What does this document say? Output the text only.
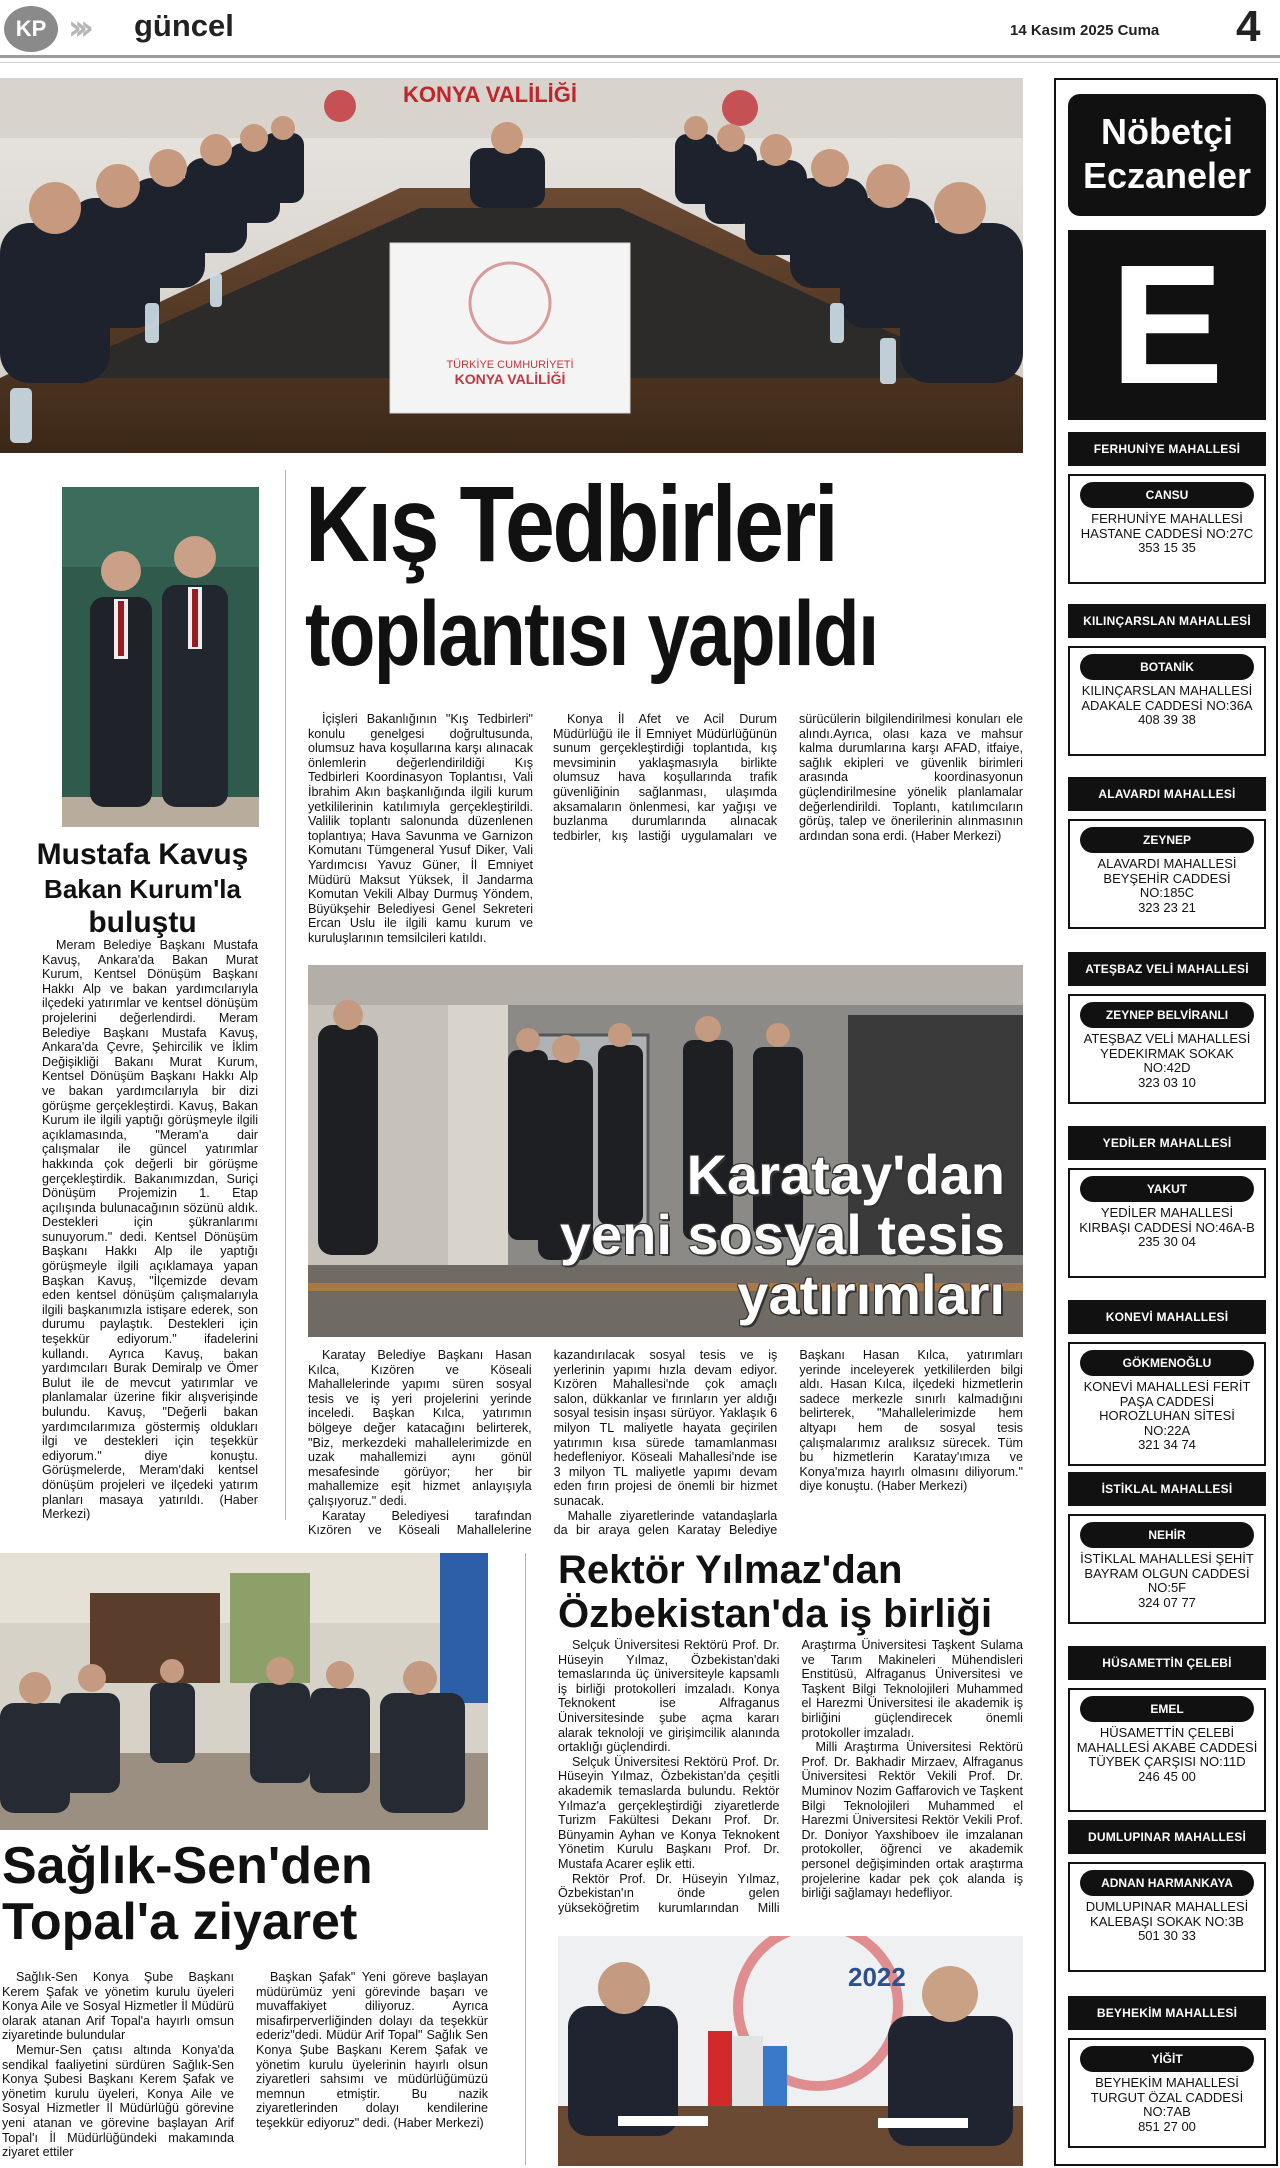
KP ››› güncel	14 Kasım 2025 Cuma 4
KONYA VALİLİĞİ
TÜRKİYE CUMHURİYETİ
KONYA VALİLİĞİ
Mustafa Kavuş
Bakan Kurum'la
buluştu

Meram Belediye Başkanı Mustafa Kavuş, Ankara'da Bakan Murat Kurum, Kentsel Dönüşüm Başkanı Hakkı Alp ve bakan yardımcılarıyla ilçedeki yatırımlar ve kentsel dönüşüm projelerini değerlendirdi. Meram Belediye Başkanı Mustafa Kavuş, Ankara'da Çevre, Şehircilik ve İklim Değişikliği Bakanı Murat Kurum, Kentsel Dönüşüm Başkanı Hakkı Alp ve bakan yardımcılarıyla bir dizi görüşme gerçekleştirdi. Kavuş, Bakan Kurum ile ilgili yaptığı görüşmeyle ilgili açıklamasında, "Meram'a dair çalışmalar ile güncel yatırımlar hakkında çok değerli bir görüşme gerçekleştirdik. Bakanımızdan, Suriçi Dönüşüm Projemizin 1. Etap açılışında bulunacağının sözünü aldık. Destekleri için şükranlarımı sunuyorum." dedi. Kentsel Dönüşüm Başkanı Hakkı Alp ile yaptığı görüşmeyle ilgili açıklamaya yapan Başkan Kavuş, "İlçemizde devam eden kentsel dönüşüm çalışmalarıyla ilgili başkanımızla istişare ederek, son durumu paylaştık. Destekleri için teşekkür ediyorum." ifadelerini kullandı. Ayrıca Kavuş, bakan yardımcıları Burak Demiralp ve Ömer Bulut ile de mevcut yatırımlar ve planlamalar üzerine fikir alışverişinde bulundu. Kavuş, "Değerli bakan yardımcılarımıza göstermiş oldukları ilgi ve destekleri için teşekkür ediyorum." diye konuştu. Görüşmelerde, Meram'daki kentsel dönüşüm projeleri ve ilçedeki yatırım planları masaya yatırıldı. (Haber Merkezi)

Kış Tedbirleri
toplantısı yapıldı

İçişleri Bakanlığının "Kış Tedbirleri" konulu genelgesi doğrultusunda, olumsuz hava koşullarına karşı alınacak önlemlerin değerlendirildiği Kış Tedbirleri Koordinasyon Toplantısı, Vali İbrahim Akın başkanlığında ilgili kurum yetkililerinin katılımıyla gerçekleştirildi. Valilik toplantı salonunda düzenlenen toplantıya; Hava Savunma ve Garnizon Komutanı Tümgeneral Yusuf Diker, Vali Yardımcısı Yavuz Güner, İl Emniyet Müdürü Maksut Yüksek, İl Jandarma Komutan Vekili Albay Durmuş Yöndem, Büyükşehir Belediyesi Genel Sekreteri Ercan Uslu ile ilgili kamu kurum ve kuruluşlarının temsilcileri katıldı.

Konya İl Afet ve Acil Durum Müdürlüğü ile İl Emniyet Müdürlüğünün sunum gerçekleştirdiği toplantıda, kış mevsiminin yaklaşmasıyla birlikte olumsuz hava koşullarında trafik güvenliğinin sağlanması, ulaşımda aksamaların önlenmesi, kar yağışı ve buzlanma durumlarında alınacak tedbirler, kış lastiği uygulamaları ve sürücülerin bilgilendirilmesi konuları ele alındı.Ayrıca, olası kaza ve mahsur kalma durumlarına karşı AFAD, itfaiye, sağlık ekipleri ve güvenlik birimleri arasında koordinasyonun güçlendirilmesine yönelik planlamalar değerlendirildi. Toplantı, katılımcıların görüş, talep ve önerilerinin alınmasının ardından sona erdi. (Haber Merkezi)

Karatay'dan
yeni sosyal tesis
yatırımları

Karatay Belediye Başkanı Hasan Kılca, Kızören ve Köseali Mahallelerinde yapımı süren sosyal tesis ve iş yeri projelerini yerinde inceledi. Başkan Kılca, yatırımın bölgeye değer katacağını belirterek, "Biz, merkezdeki mahallelerimizde en uzak mahallemizi aynı gönül mesafesinde görüyor; her bir mahallemize eşit hizmet anlayışıyla çalışıyoruz." dedi.

Karatay Belediyesi tarafından Kızören ve Köseali Mahallelerine kazandırılacak sosyal tesis ve iş yerlerinin yapımı hızla devam ediyor. Kızören Mahallesi'nde çok amaçlı salon, dükkanlar ve fırınların yer aldığı sosyal tesisin inşası sürüyor. Yaklaşık 6 milyon TL maliyetle hayata geçirilen yatırımın kısa sürede tamamlanması hedefleniyor. Köseali Mahallesi'nde ise 3 milyon TL maliyetle yapımı devam eden fırın projesi de önemli bir hizmet sunacak.

Mahalle ziyaretlerinde vatandaşlarla da bir araya gelen Karatay Belediye Başkanı Hasan Kılca, yatırımları yerinde inceleyerek yetkililerden bilgi aldı. Hasan Kılca, ilçedeki hizmetlerin sadece merkezle sınırlı kalmadığını belirterek, "Mahallelerimizde hem altyapı hem de sosyal tesis çalışmalarımız aralıksız sürecek. Tüm bu hizmetlerin Karatay'ımıza ve Konya'mıza hayırlı olmasını diliyorum." diye konuştu. (Haber Merkezi)

Sağlık-Sen'den
Topal'a ziyaret

Sağlık-Sen Konya Şube Başkanı Kerem Şafak ve yönetim kurulu üyeleri Konya Aile ve Sosyal Hizmetler İl Müdürü olarak atanan Arif Topal'a hayırlı omsun ziyaretinde bulundular

Memur-Sen çatısı altında Konya'da sendikal faaliyetini sürdüren Sağlık-Sen Konya Şubesi Başkanı Kerem Şafak ve yönetim kurulu üyeleri, Konya Aile ve Sosyal Hizmetler İl Müdürlüğü görevine yeni atanan ve görevine başlayan Arif Topal'ı İl Müdürlüğündeki makamında ziyaret ettiler

Başkan Şafak" Yeni göreve başlayan müdürümüz yeni görevinde başarı ve muvaffakiyet diliyoruz. Ayrıca misafirperverliğinden dolayı da teşekkür ederiz"dedi. Müdür Arif Topal" Sağlık Sen Konya Şube Başkanı Kerem Şafak ve yönetim kurulu üyelerinin hayırlı olsun ziyaretleri sahsımı ve müdürlüğümüzü memnun etmiştir. Bu nazik ziyaretlerinden dolayı kendilerine teşekkür ediyoruz" dedi. (Haber Merkezi)

Rektör Yılmaz'dan
Özbekistan'da iş birliği

Selçuk Üniversitesi Rektörü Prof. Dr. Hüseyin Yılmaz, Özbekistan'daki temaslarında üç üniversiteyle kapsamlı iş birliği protokolleri imzaladı. Konya Teknokent ise Alfraganus Üniversitesinde şube açma kararı alarak teknoloji ve girişimcilik alanında ortaklığı güçlendirdi.

Selçuk Üniversitesi Rektörü Prof. Dr. Hüseyin Yılmaz, Özbekistan'da çeşitli akademik temaslarda bulundu. Rektör Yılmaz'a gerçekleştirdiği ziyaretlerde Turizm Fakültesi Dekanı Prof. Dr. Bünyamin Ayhan ve Konya Teknokent Yönetim Kurulu Başkanı Prof. Dr. Mustafa Acarer eşlik etti.

Rektör Prof. Dr. Hüseyin Yılmaz, Özbekistan'ın önde gelen yükseköğretim kurumlarından Milli Araştırma Üniversitesi Taşkent Sulama ve Tarım Makineleri Mühendisleri Enstitüsü, Alfraganus Üniversitesi ve Taşkent Bilgi Teknolojileri Muhammed el Harezmi Üniversitesi ile akademik iş birliğini güçlendirecek önemli protokoller imzaladı.

Milli Araştırma Üniversitesi Rektörü Prof. Dr. Bakhadir Mirzaev, Alfraganus Üniversitesi Rektör Vekili Prof. Dr. Muminov Nozim Gaffarovich ve Taşkent Bilgi Teknolojileri Muhammed el Harezmi Üniversitesi Rektör Vekili Prof. Dr. Doniyor Yaxshiboev ile imzalanan protokoller, öğrenci ve akademik personel değişiminden ortak araştırma projelerine kadar pek çok alanda iş birliği sağlamayı hedefliyor.

2022
Nöbetçi
Eczaneler
E
FERHUNİYE MAHALLESİ
CANSU
FERHUNİYE MAHALLESİ HASTANE CADDESİ NO:27C
353 15 35
KILINÇARSLAN MAHALLESİ
BOTANİK
KILINÇARSLAN MAHALLESİ ADAKALE CADDESİ NO:36A
408 39 38
ALAVARDI MAHALLESİ
ZEYNEP
ALAVARDI MAHALLESİ BEYŞEHİR CADDESİ NO:185C
323 23 21
ATEŞBAZ VELİ MAHALLESİ
ZEYNEP BELVİRANLI
ATEŞBAZ VELİ MAHALLESİ YEDEKIRMAK SOKAK NO:42D
323 03 10
YEDİLER MAHALLESİ
YAKUT
YEDİLER MAHALLESİ KIRBAŞI CADDESİ NO:46A-B
235 30 04
KONEVİ MAHALLESİ
GÖKMENOĞLU
KONEVİ MAHALLESİ FERİT PAŞA CADDESİ HOROZLUHAN SİTESİ NO:22A
321 34 74
İSTİKLAL MAHALLESİ
NEHİR
İSTİKLAL MAHALLESİ ŞEHİT BAYRAM OLGUN CADDESİ NO:5F
324 07 77
HÜSAMETTİN ÇELEBİ
EMEL
HÜSAMETTİN ÇELEBİ MAHALLESİ AKABE CADDESİ TÜYBEK ÇARŞISI NO:11D
246 45 00
DUMLUPINAR MAHALLESİ
ADNAN HARMANKAYA
DUMLUPINAR MAHALLESİ KALEBAŞI SOKAK NO:3B
501 30 33
BEYHEKİM MAHALLESİ
YİĞİT
BEYHEKİM MAHALLESİ TURGUT ÖZAL CADDESİ NO:7AB
851 27 00
